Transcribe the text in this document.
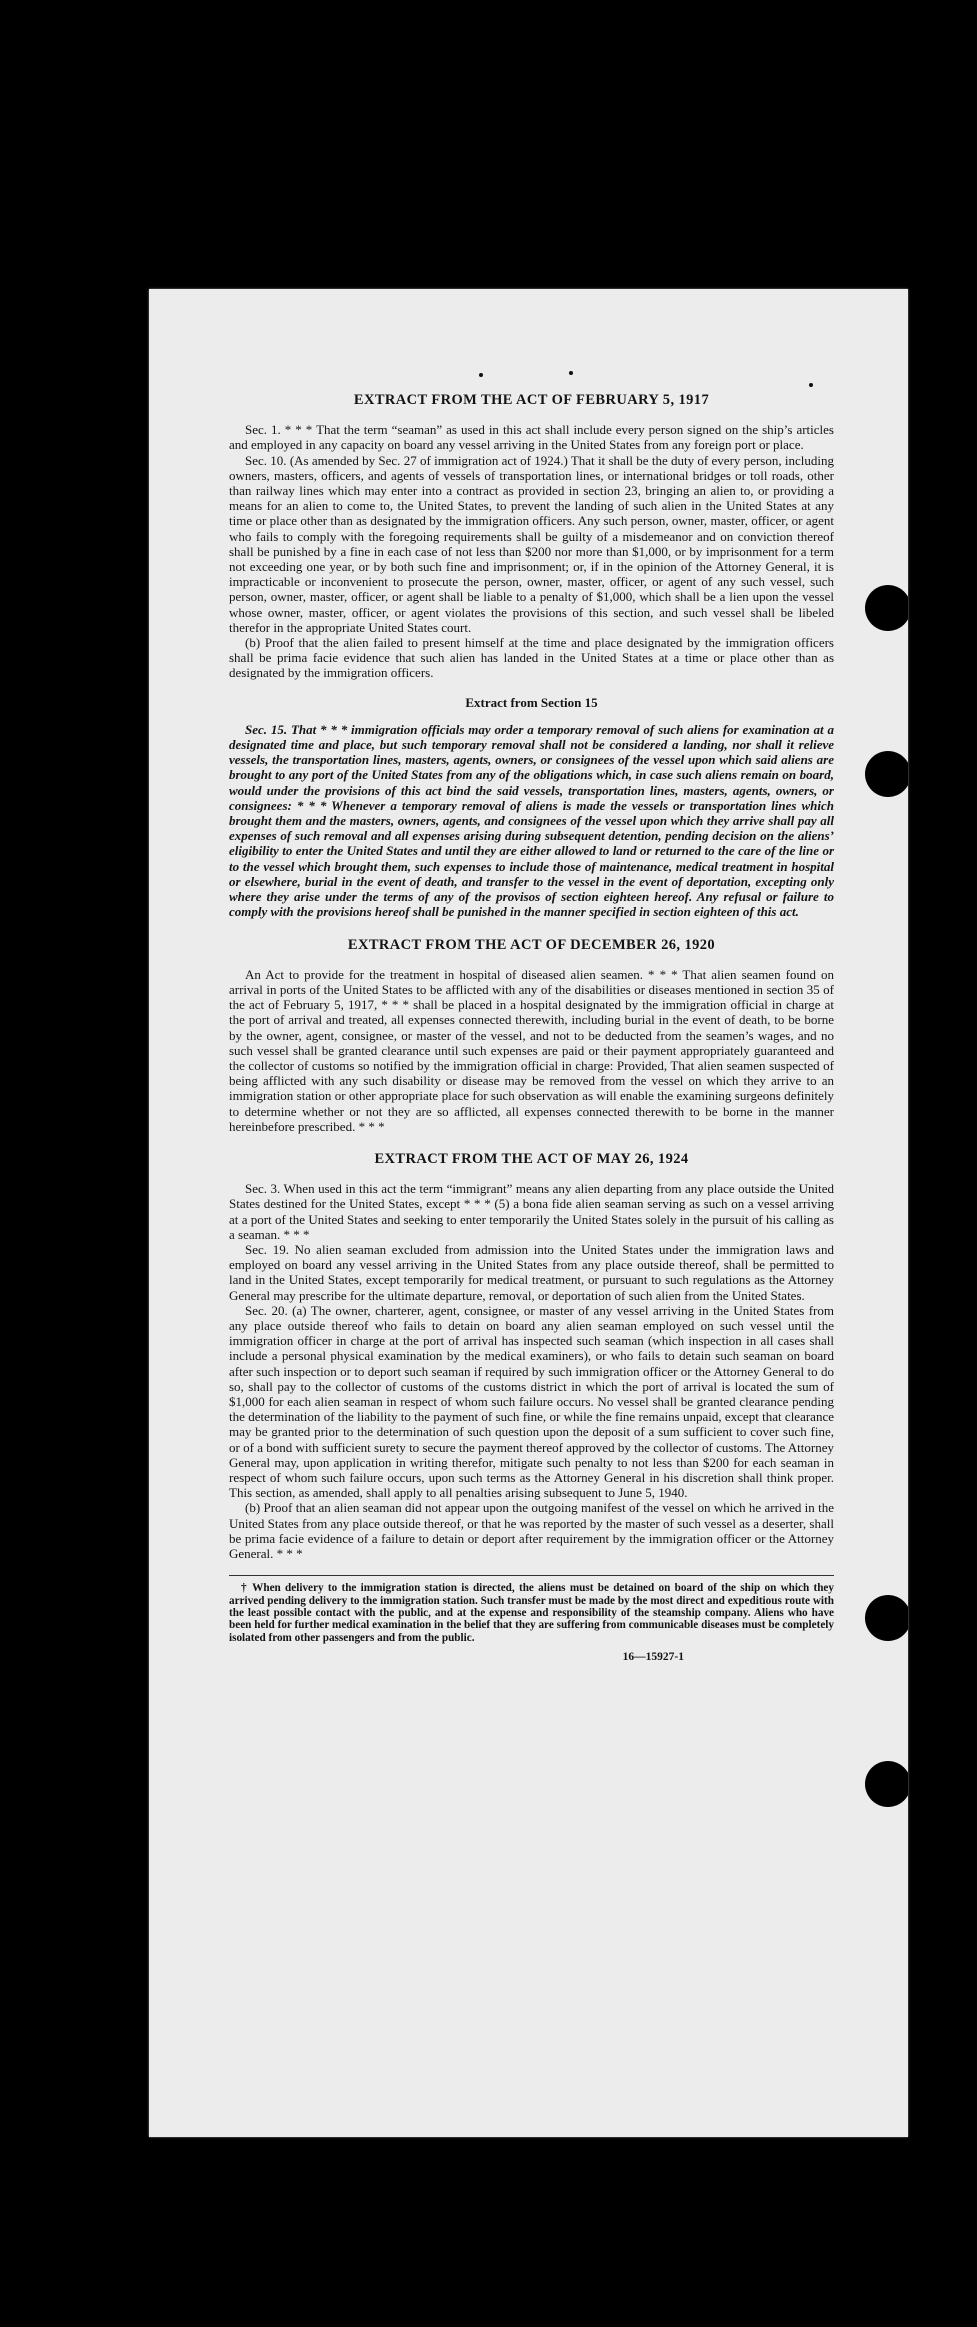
EXTRACT FROM THE ACT OF FEBRUARY 5, 1917

Sec. 1. * * * That the term “seaman” as used in this act shall include every person signed on the ship’s articles and employed in any capacity on board any vessel arriving in the United States from any foreign port or place.

Sec. 10. (As amended by Sec. 27 of immigration act of 1924.) That it shall be the duty of every person, including owners, masters, officers, and agents of vessels of transportation lines, or international bridges or toll roads, other than railway lines which may enter into a contract as provided in section 23, bringing an alien to, or providing a means for an alien to come to, the United States, to prevent the landing of such alien in the United States at any time or place other than as designated by the immigration officers. Any such person, owner, master, officer, or agent who fails to comply with the foregoing requirements shall be guilty of a misdemeanor and on conviction thereof shall be punished by a fine in each case of not less than $200 nor more than $1,000, or by imprisonment for a term not exceeding one year, or by both such fine and imprisonment; or, if in the opinion of the Attorney General, it is impracticable or inconvenient to prosecute the person, owner, master, officer, or agent of any such vessel, such person, owner, master, officer, or agent shall be liable to a penalty of $1,000, which shall be a lien upon the vessel whose owner, master, officer, or agent violates the provisions of this section, and such vessel shall be libeled therefor in the appropriate United States court.

(b) Proof that the alien failed to present himself at the time and place designated by the immigration officers shall be prima facie evidence that such alien has landed in the United States at a time or place other than as designated by the immigration officers.

Extract from Section 15

Sec. 15. That * * * immigration officials may order a temporary removal of such aliens for examination at a designated time and place, but such temporary removal shall not be considered a landing, nor shall it relieve vessels, the transportation lines, masters, agents, owners, or consignees of the vessel upon which said aliens are brought to any port of the United States from any of the obligations which, in case such aliens remain on board, would under the provisions of this act bind the said vessels, transportation lines, masters, agents, owners, or consignees: * * * Whenever a temporary removal of aliens is made the vessels or transportation lines which brought them and the masters, owners, agents, and consignees of the vessel upon which they arrive shall pay all expenses of such removal and all expenses arising during subsequent detention, pending decision on the aliens’ eligibility to enter the United States and until they are either allowed to land or returned to the care of the line or to the vessel which brought them, such expenses to include those of maintenance, medical treatment in hospital or elsewhere, burial in the event of death, and transfer to the vessel in the event of deportation, excepting only where they arise under the terms of any of the provisos of section eighteen hereof. Any refusal or failure to comply with the provisions hereof shall be punished in the manner specified in section eighteen of this act.

EXTRACT FROM THE ACT OF DECEMBER 26, 1920

An Act to provide for the treatment in hospital of diseased alien seamen. * * * That alien seamen found on arrival in ports of the United States to be afflicted with any of the disabilities or diseases mentioned in section 35 of the act of February 5, 1917, * * * shall be placed in a hospital designated by the immigration official in charge at the port of arrival and treated, all expenses connected therewith, including burial in the event of death, to be borne by the owner, agent, consignee, or master of the vessel, and not to be deducted from the seamen’s wages, and no such vessel shall be granted clearance until such expenses are paid or their payment appropriately guaranteed and the collector of customs so notified by the immigration official in charge: Provided, That alien seamen suspected of being afflicted with any such disability or disease may be removed from the vessel on which they arrive to an immigration station or other appropriate place for such observation as will enable the examining surgeons definitely to determine whether or not they are so afflicted, all expenses connected therewith to be borne in the manner hereinbefore prescribed. * * *

EXTRACT FROM THE ACT OF MAY 26, 1924

Sec. 3. When used in this act the term “immigrant” means any alien departing from any place outside the United States destined for the United States, except * * * (5) a bona fide alien seaman serving as such on a vessel arriving at a port of the United States and seeking to enter temporarily the United States solely in the pursuit of his calling as a seaman. * * *

Sec. 19. No alien seaman excluded from admission into the United States under the immigration laws and employed on board any vessel arriving in the United States from any place outside thereof, shall be permitted to land in the United States, except temporarily for medical treatment, or pursuant to such regulations as the Attorney General may prescribe for the ultimate departure, removal, or deportation of such alien from the United States.

Sec. 20. (a) The owner, charterer, agent, consignee, or master of any vessel arriving in the United States from any place outside thereof who fails to detain on board any alien seaman employed on such vessel until the immigration officer in charge at the port of arrival has inspected such seaman (which inspection in all cases shall include a personal physical examination by the medical examiners), or who fails to detain such seaman on board after such inspection or to deport such seaman if required by such immigration officer or the Attorney General to do so, shall pay to the collector of customs of the customs district in which the port of arrival is located the sum of $1,000 for each alien seaman in respect of whom such failure occurs. No vessel shall be granted clearance pending the determination of the liability to the payment of such fine, or while the fine remains unpaid, except that clearance may be granted prior to the determination of such question upon the deposit of a sum sufficient to cover such fine, or of a bond with sufficient surety to secure the payment thereof approved by the collector of customs. The Attorney General may, upon application in writing therefor, mitigate such penalty to not less than $200 for each seaman in respect of whom such failure occurs, upon such terms as the Attorney General in his discretion shall think proper. This section, as amended, shall apply to all penalties arising subsequent to June 5, 1940.

(b) Proof that an alien seaman did not appear upon the outgoing manifest of the vessel on which he arrived in the United States from any place outside thereof, or that he was reported by the master of such vessel as a deserter, shall be prima facie evidence of a failure to detain or deport after requirement by the immigration officer or the Attorney General. * * *

† When delivery to the immigration station is directed, the aliens must be detained on board of the ship on which they arrived pending delivery to the immigration station. Such transfer must be made by the most direct and expeditious route with the least possible contact with the public, and at the expense and responsibility of the steamship company. Aliens who have been held for further medical examination in the belief that they are suffering from communicable diseases must be completely isolated from other passengers and from the public.

16—15927-1
